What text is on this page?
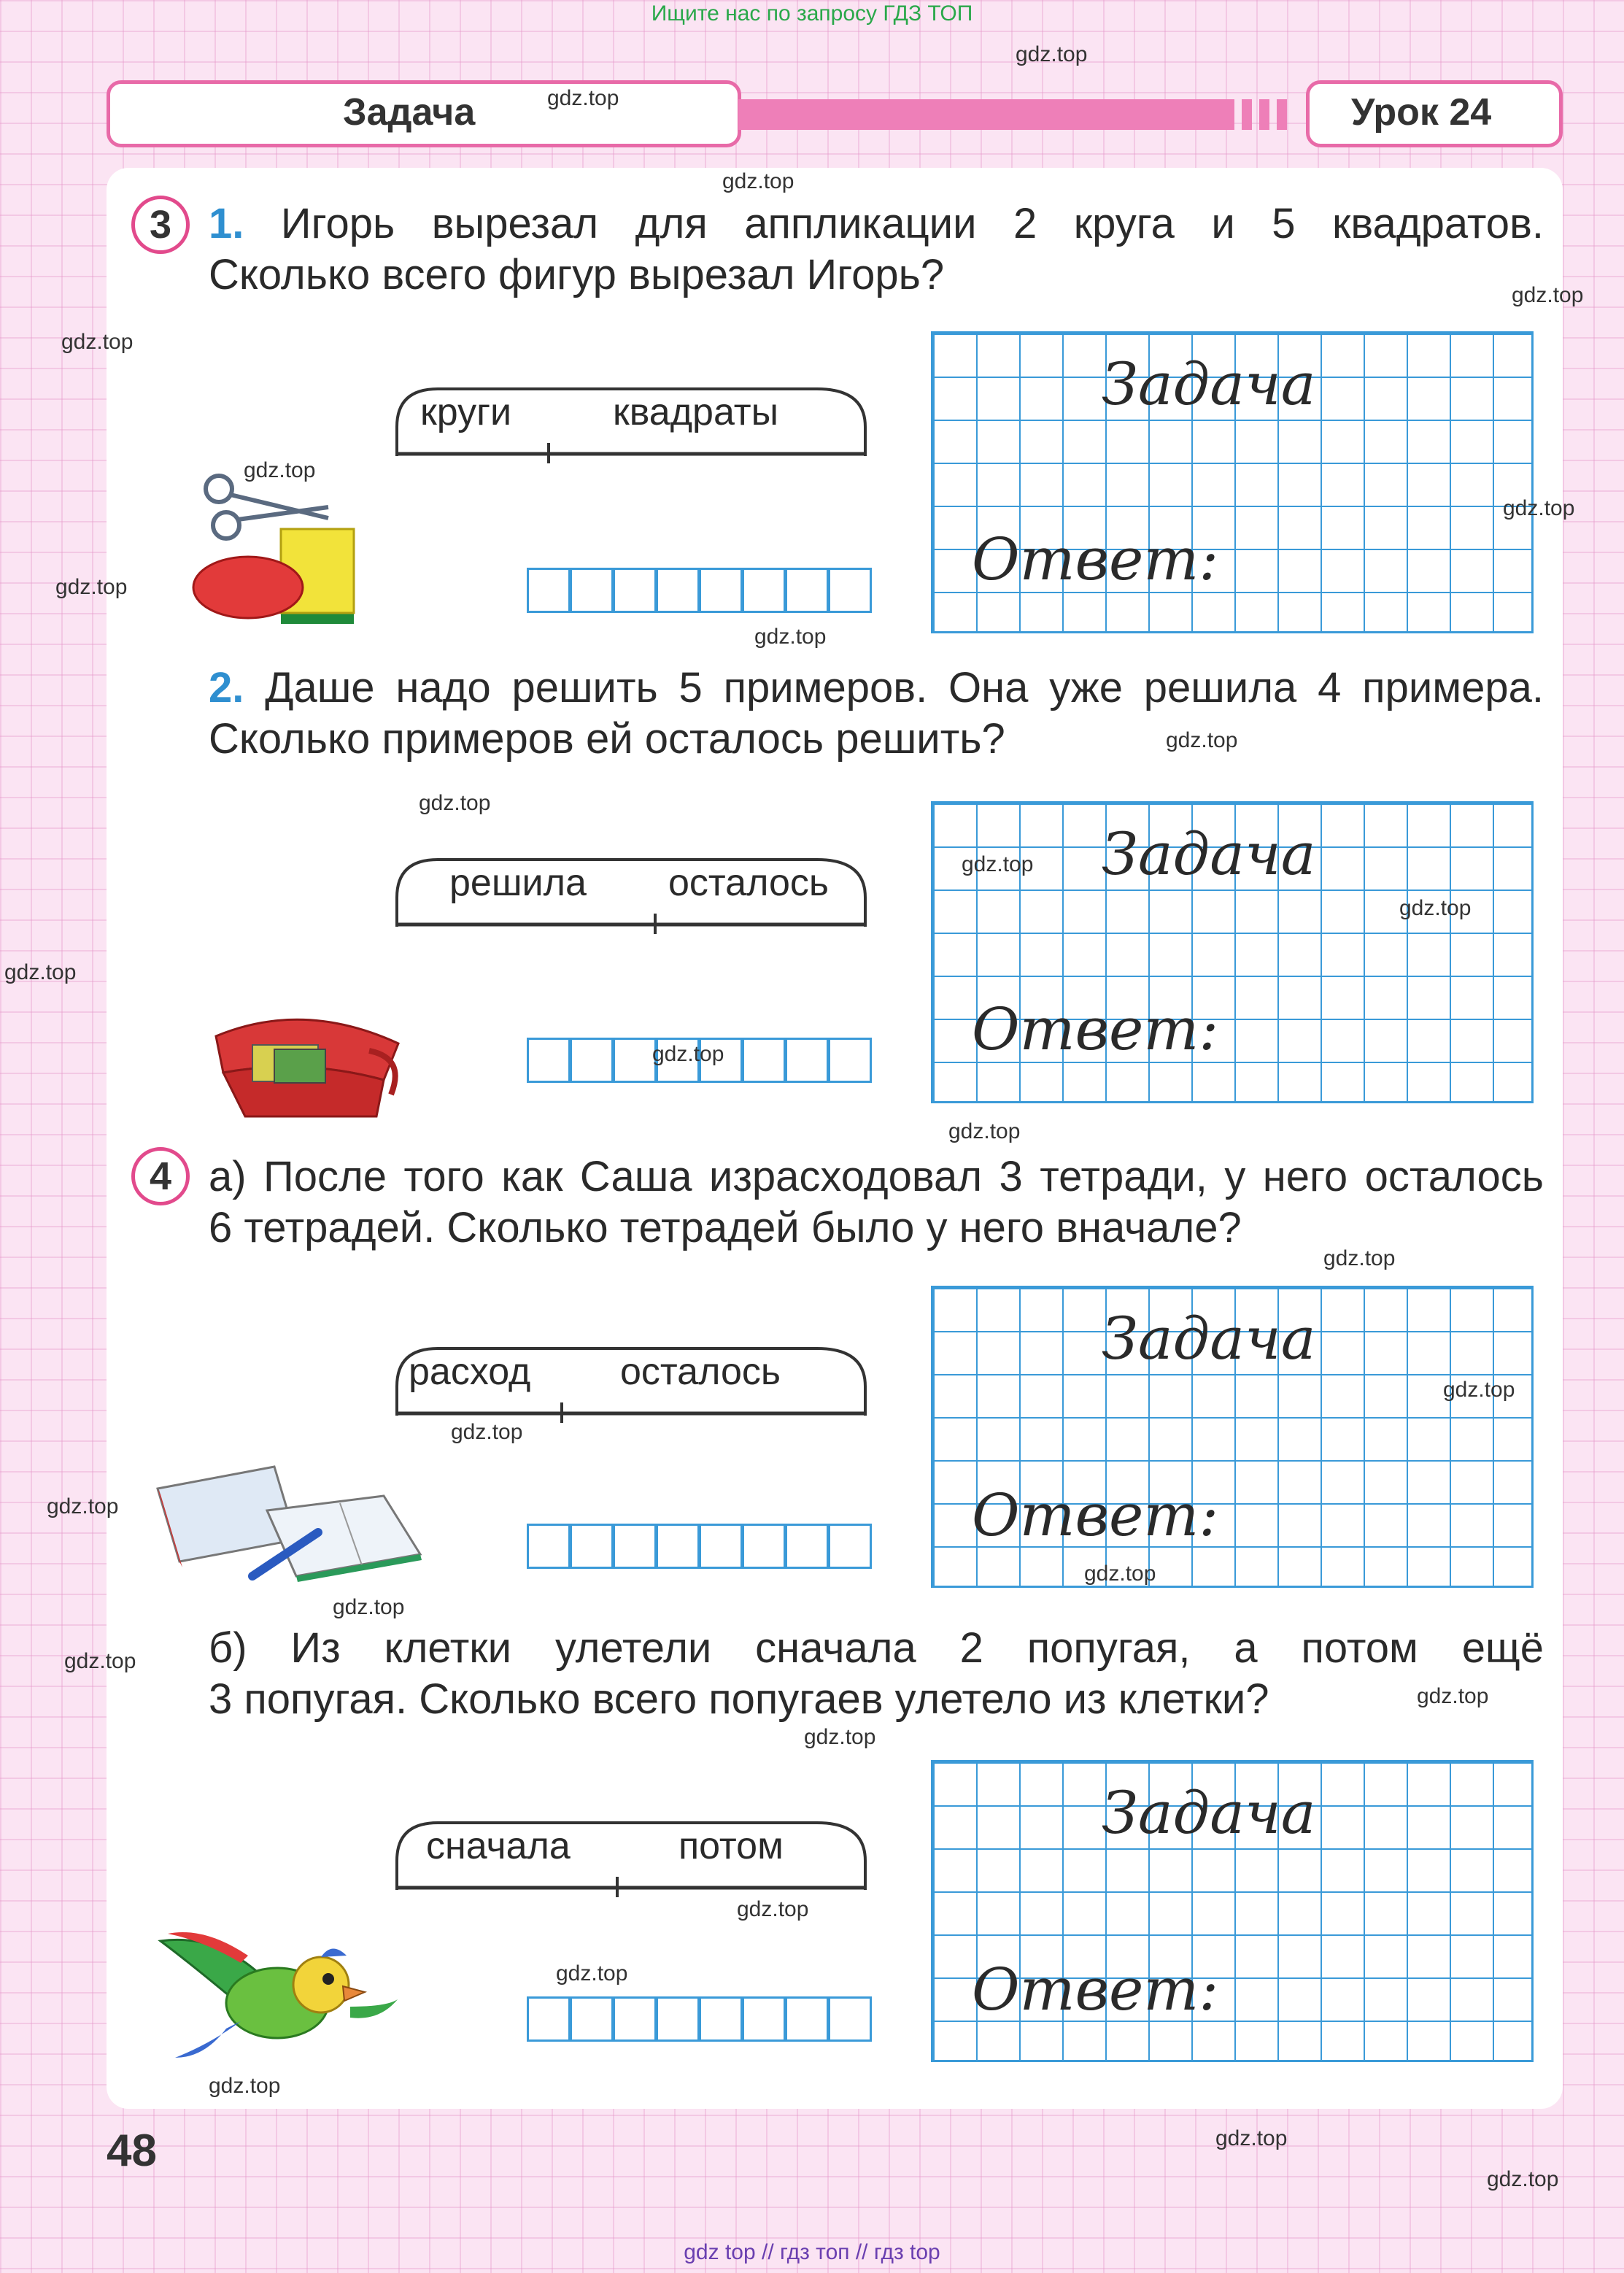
Ищите нас по запросу ГДЗ ТОП
Задача	Урок 24
3 1. Игорь вырезал для аппликации 2 круга и 5 квадратов.
Сколько всего фигур вырезал Игорь?
круги	квадраты	Задача
Ответ:
2. Даше надо решить 5 примеров. Она уже решила 4 примера.
Сколько примеров ей осталось решить?
решила осталось	Задача
Ответ:
4 а) После того как Саша израсходовал 3 тетради, у него осталось
6 тетрадей. Сколько тетрадей было у него вначале?
расход осталось	Задача
Ответ:
б) Из клетки улетели сначала 2 попугая, а потом ещё
3 попугая. Сколько всего попугаев улетело из клетки?
сначала	потом	Задача
Ответ:
48
gdz.top
gdz.top
gdz.top
gdz.top
gdz.top
gdz.top
gdz.top
gdz.top
gdz.top
gdz.top
gdz.top
gdz.top
gdz.top
gdz.top
gdz.top
gdz.top
gdz.top
gdz.top
gdz.top
gdz.top
gdz.top
gdz.top
gdz.top
gdz.top
gdz.top
gdz.top
gdz.top
gdz.top
gdz.top
gdz.top
gdz top // гдз топ // гдз top
